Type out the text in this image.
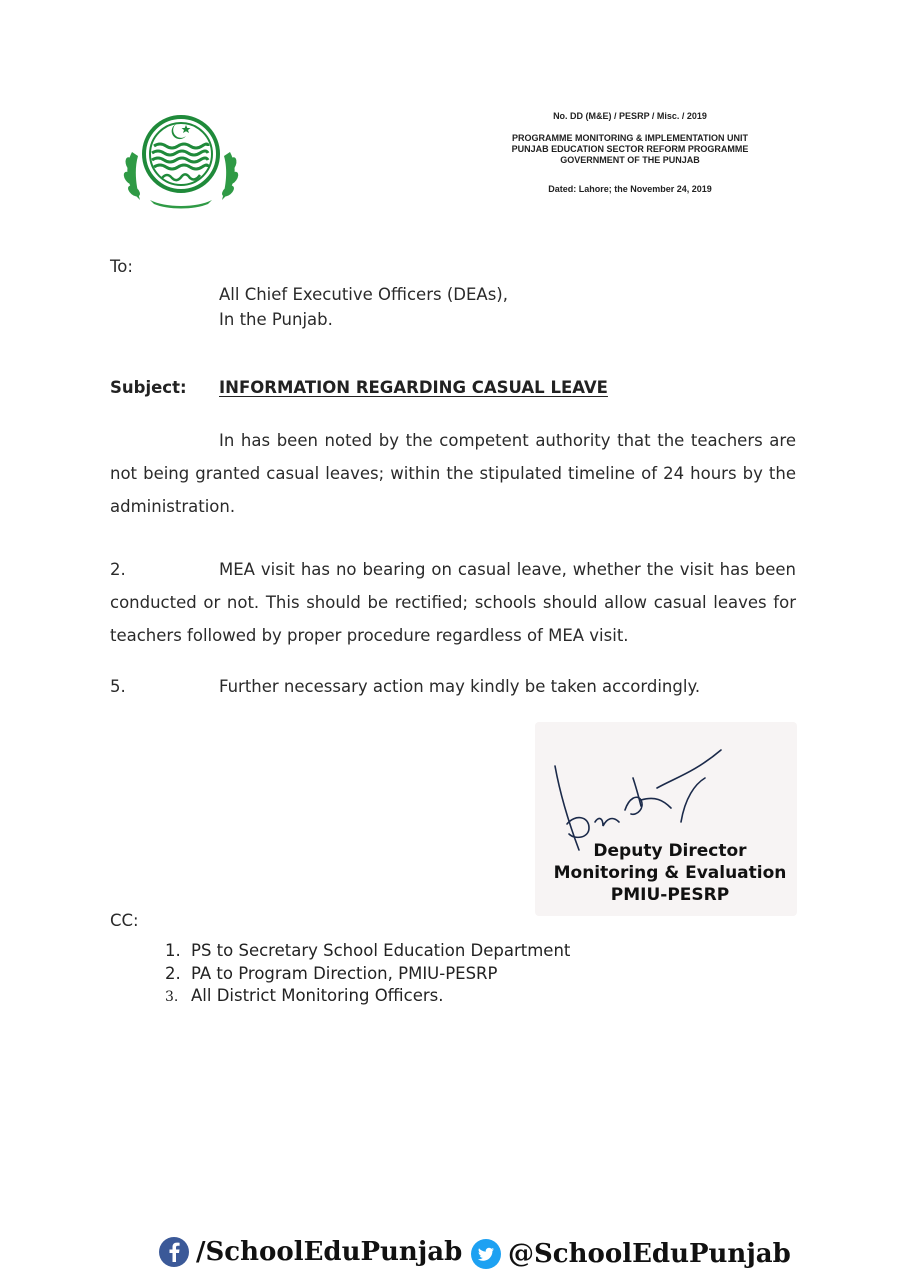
No. DD (M&E) / PESRP / Misc. / 2019
PROGRAMME MONITORING & IMPLEMENTATION UNIT
PUNJAB EDUCATION SECTOR REFORM PROGRAMME
GOVERNMENT OF THE PUNJAB
Dated: Lahore; the November 24, 2019
To:
All Chief Executive Officers (DEAs),
In the Punjab.
Subject: INFORMATION REGARDING CASUAL LEAVE
In has been noted by the competent authority that the teachers are not being granted casual leaves; within the stipulated timeline of 24 hours by the administration.
2.	MEA visit has no bearing on casual leave, whether the visit has been conducted or not. This should be rectified; schools should allow casual leaves for teachers followed by proper procedure regardless of MEA visit.
5.	Further necessary action may kindly be taken accordingly.
Deputy Director
Monitoring & Evaluation
PMIU-PESRP
CC:
1. PS to Secretary School Education Department
2. PA to Program Direction, PMIU-PESRP
3. All District Monitoring Officers.
/SchoolEduPunjab @SchoolEduPunjab
